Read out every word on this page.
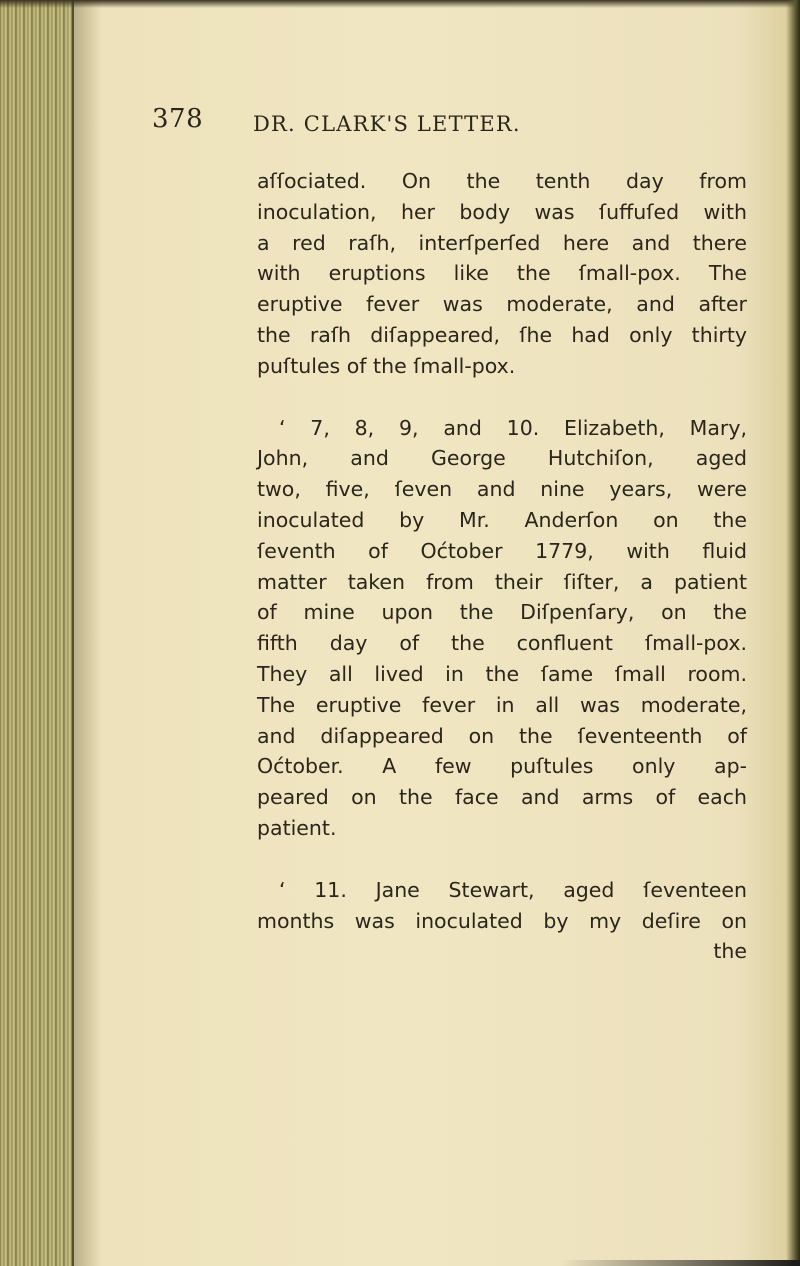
378 DR. CLARK'S LETTER.

aſſociated. On the tenth day from
inoculation, her body was ſuffuſed with
a red raſh, interſperſed here and there
with eruptions like the ſmall-pox. The
eruptive fever was moderate, and after
the raſh diſappeared, ſhe had only thirty
puſtules of the ſmall-pox.

‘ 7, 8, 9, and 10. Elizabeth, Mary,
John, and George Hutchiſon, aged
two, five, ſeven and nine years, were
inoculated by Mr. Anderſon on the
ſeventh of Oćtober 1779, with fluid
matter taken from their ſiſter, a patient
of mine upon the Diſpenſary, on the
fifth day of the confluent ſmall-pox.
They all lived in the ſame ſmall room.
The eruptive fever in all was moderate,
and diſappeared on the ſeventeenth of
Oćtober. A few puſtules only ap-
peared on the face and arms of each
patient.

‘ 11. Jane Stewart, aged ſeventeen
months was inoculated by my deſire on
the
